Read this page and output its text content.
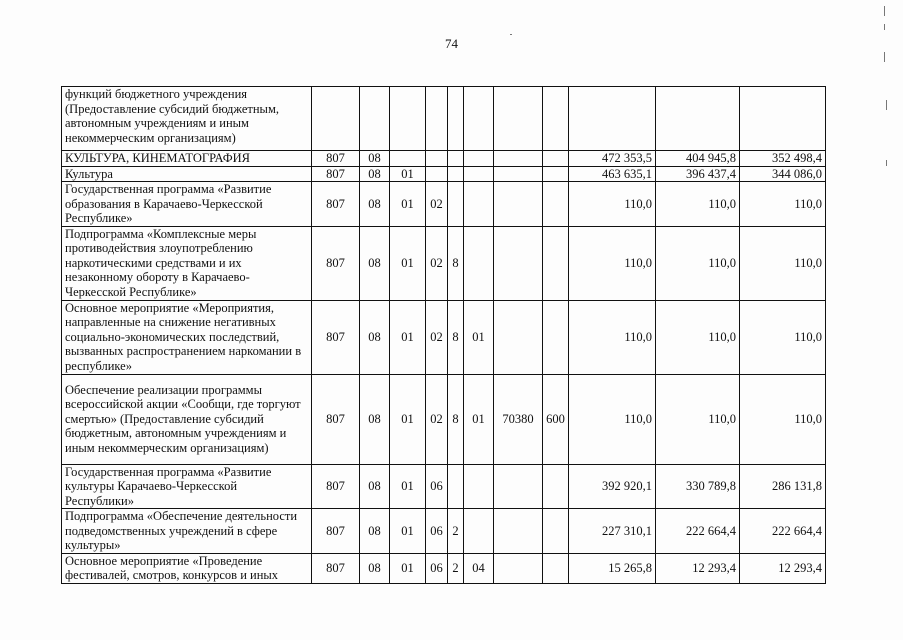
74
функций бюджетного учреждения (Предоставление субсидий бюджетным, автономным учреждениям и иным некоммерческим организациям)											
КУЛЬТУРА, КИНЕМАТОГРАФИЯ	807	08							472 353,5	404 945,8	352 498,4
Культура	807	08	01						463 635,1	396 437,4	344 086,0
Государственная программа «Развитие образования в Карачаево-Черкесской Республике»	807	08	01	02					110,0	110,0	110,0
Подпрограмма «Комплексные меры противодействия злоупотреблению наркотическими средствами и их незаконному обороту в Карачаево-Черкесской Республике»	807	08	01	02	8				110,0	110,0	110,0
Основное мероприятие «Мероприятия, направленные на снижение негативных социально-экономических последствий, вызванных распространением наркомании в республике»	807	08	01	02	8	01			110,0	110,0	110,0
Обеспечение реализации программы всероссийской акции «Сообщи, где торгуют смертью» (Предоставление субсидий бюджетным, автономным учреждениям и иным некоммерческим организациям)	807	08	01	02	8	01	70380	600	110,0	110,0	110,0
Государственная программа «Развитие культуры Карачаево-Черкесской Республики»	807	08	01	06					392 920,1	330 789,8	286 131,8
Подпрограмма «Обеспечение деятельности подведомственных учреждений в сфере культуры»	807	08	01	06	2				227 310,1	222 664,4	222 664,4
Основное мероприятие «Проведение фестивалей, смотров, конкурсов и иных	807	08	01	06	2	04			15 265,8	12 293,4	12 293,4
